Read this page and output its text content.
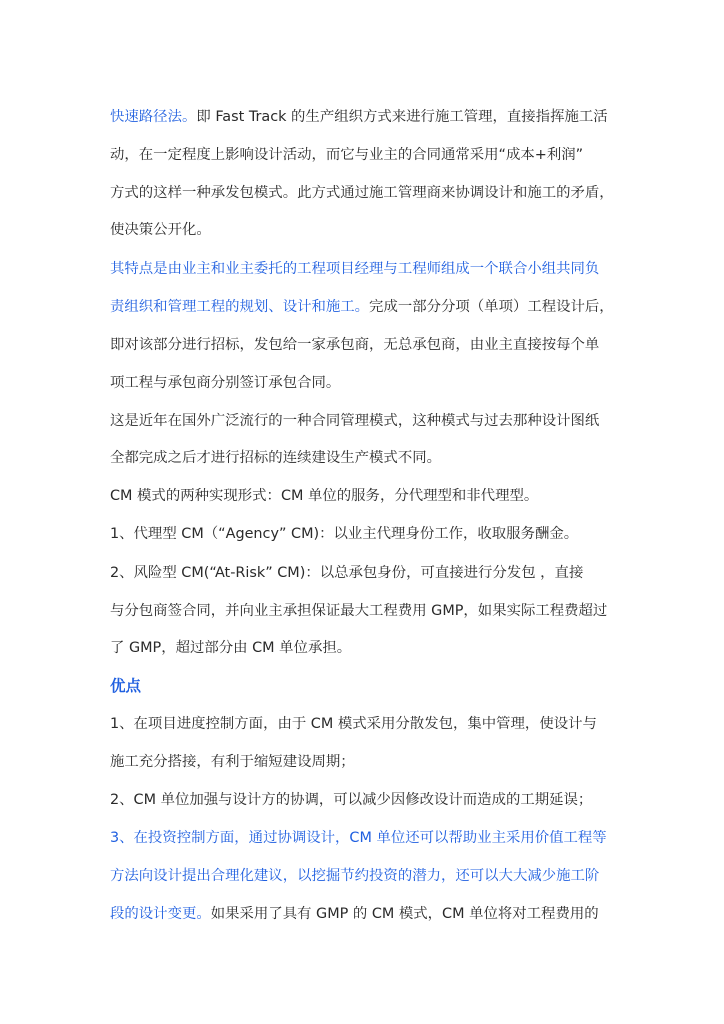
快速路径法。即 Fast Track 的生产组织方式来进行施工管理，直接指挥施工活
动，在一定程度上影响设计活动，而它与业主的合同通常采用“成本+利润”
方式的这样一种承发包模式。此方式通过施工管理商来协调设计和施工的矛盾，
使决策公开化。
其特点是由业主和业主委托的工程项目经理与工程师组成一个联合小组共同负
责组织和管理工程的规划、设计和施工。完成一部分分项（单项）工程设计后，
即对该部分进行招标，发包给一家承包商，无总承包商，由业主直接按每个单
项工程与承包商分别签订承包合同。
这是近年在国外广泛流行的一种合同管理模式，这种模式与过去那种设计图纸
全都完成之后才进行招标的连续建设生产模式不同。
CM 模式的两种实现形式：CM 单位的服务，分代理型和非代理型。
1、代理型 CM（“Agency” CM)：以业主代理身份工作，收取服务酬金。
2、风险型 CM(“At-Risk” CM)：以总承包身份，可直接进行分发包 ，直接
与分包商签合同，并向业主承担保证最大工程费用 GMP，如果实际工程费超过
了 GMP，超过部分由 CM 单位承担。
优点
1、在项目进度控制方面，由于 CM 模式采用分散发包，集中管理，使设计与
施工充分搭接，有利于缩短建设周期；
2、CM 单位加强与设计方的协调，可以减少因修改设计而造成的工期延误；
3、在投资控制方面，通过协调设计，CM 单位还可以帮助业主采用价值工程等
方法向设计提出合理化建议，以挖掘节约投资的潜力，还可以大大减少施工阶
段的设计变更。如果采用了具有 GMP 的 CM 模式，CM 单位将对工程费用的
